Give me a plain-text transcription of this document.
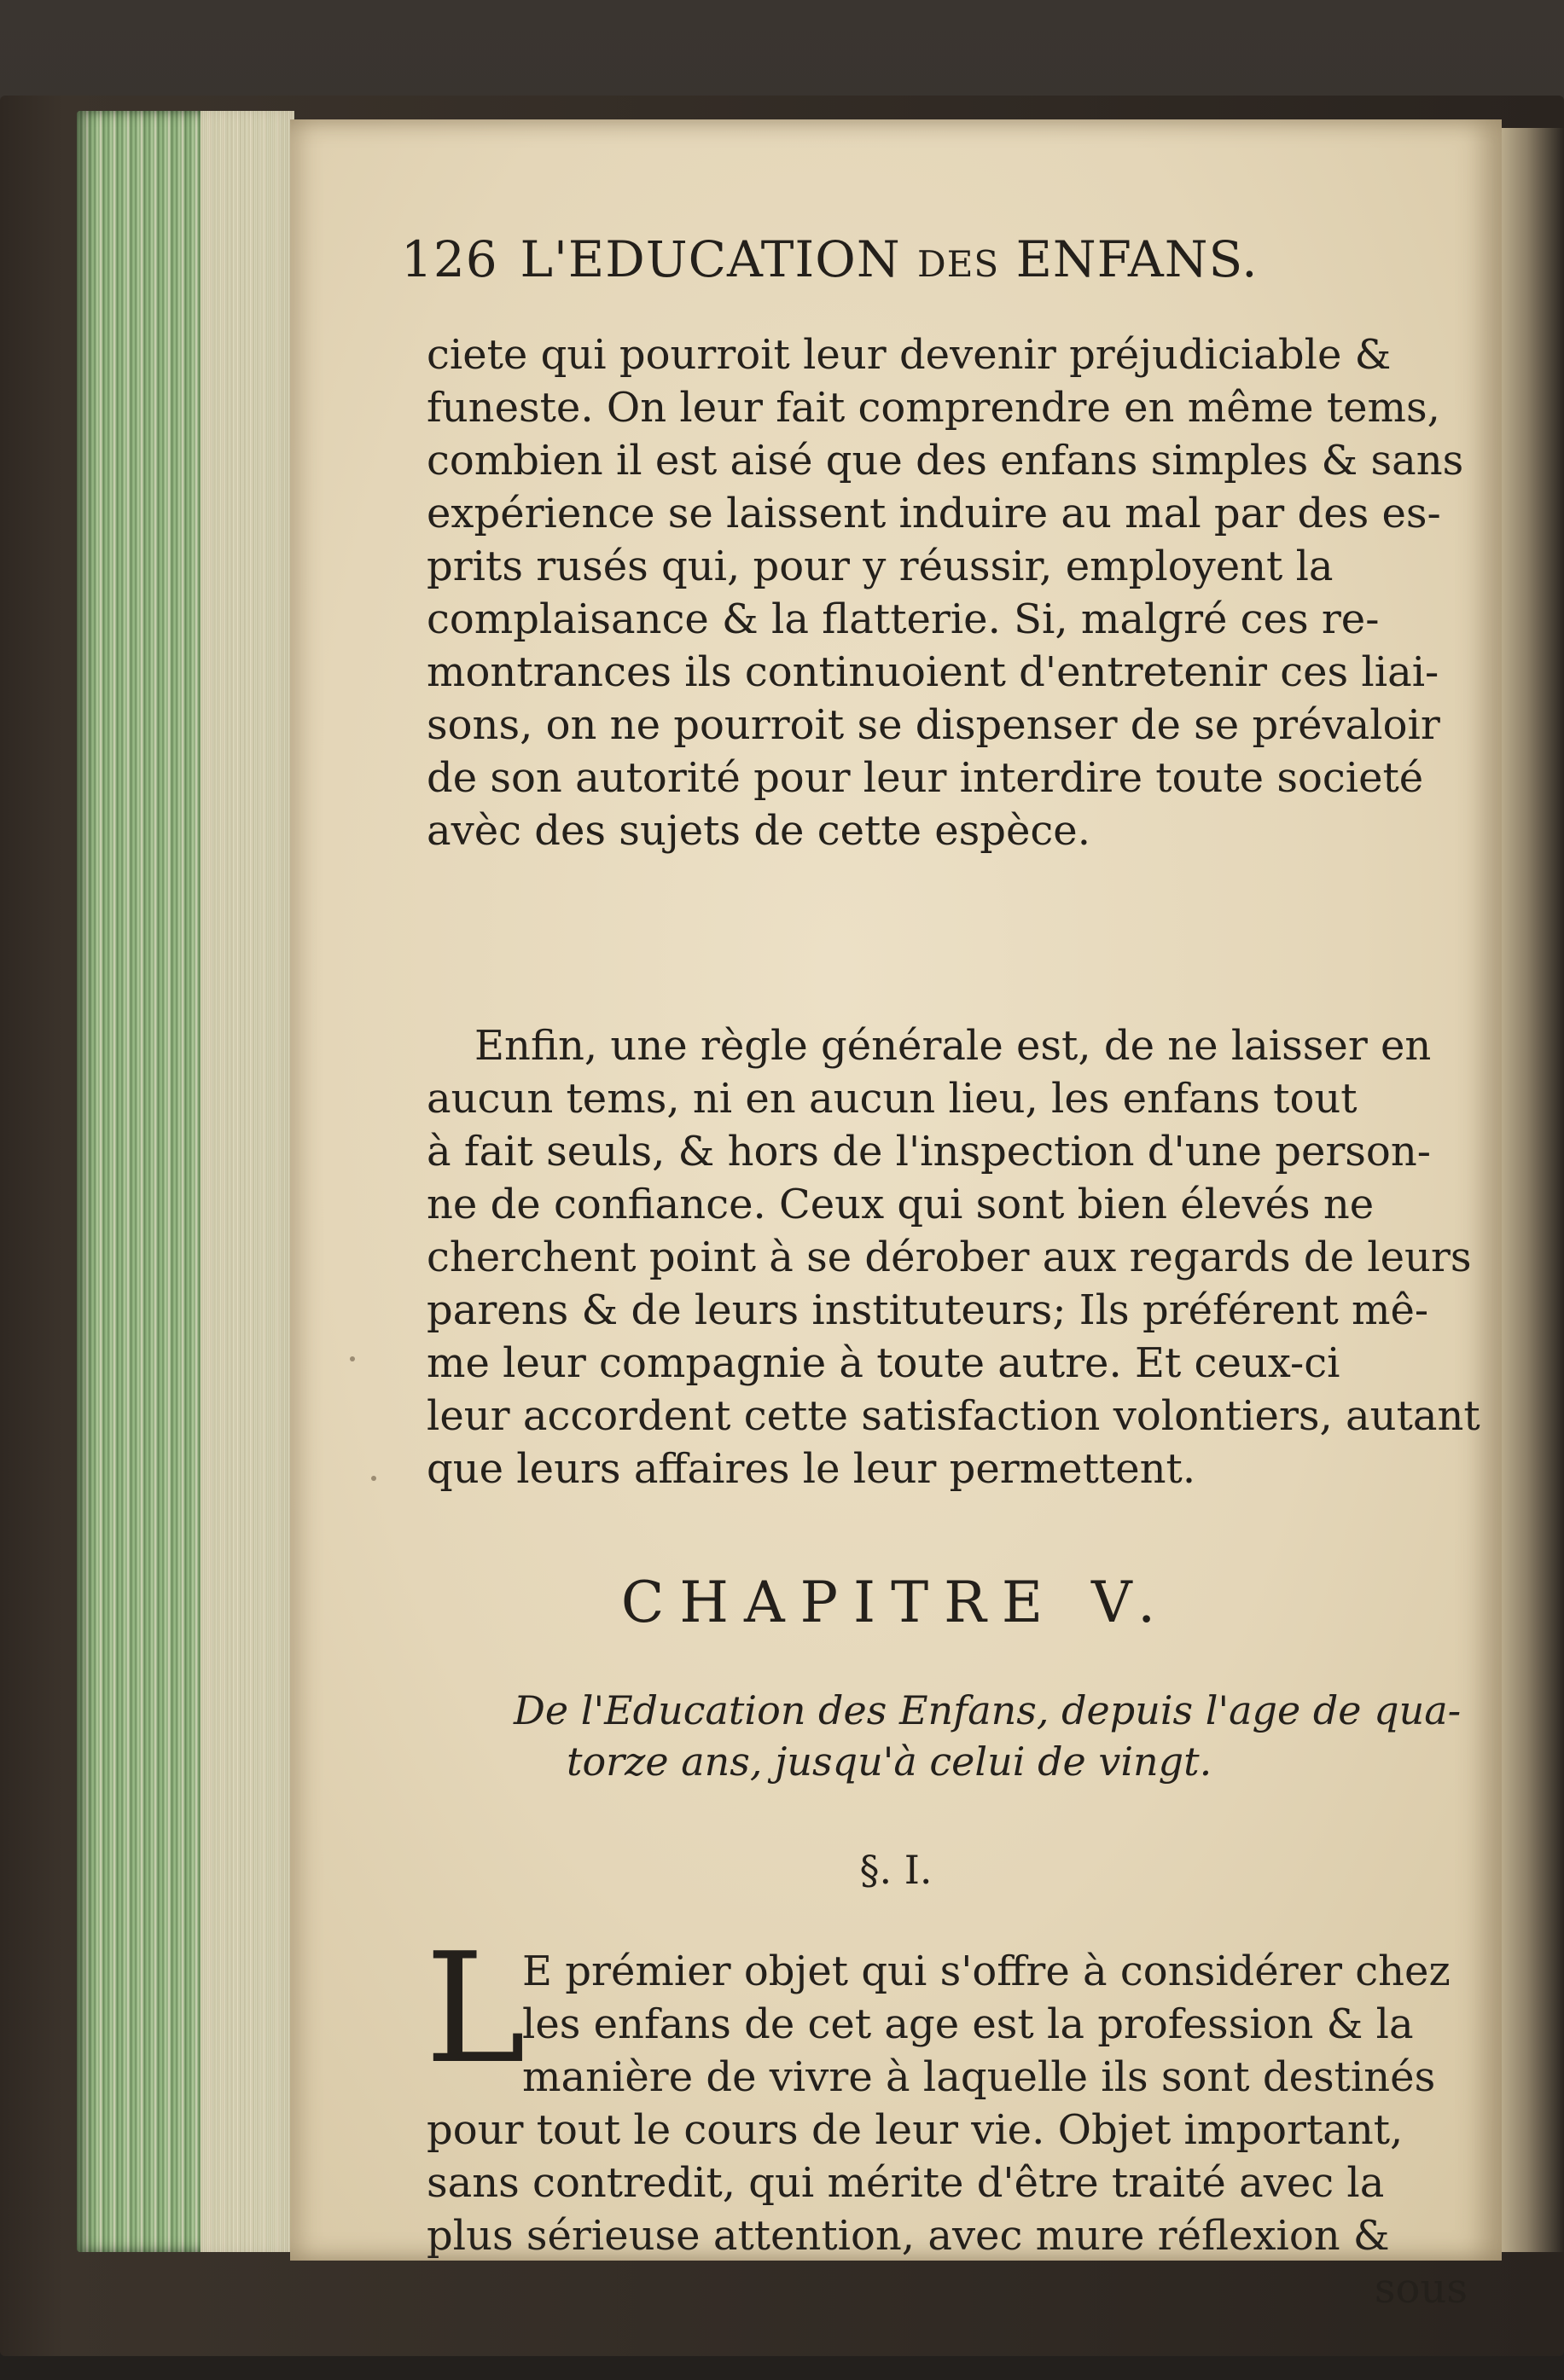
126 L'EDUCATION DES ENFANS.
ciete qui pourroit leur devenir préjudiciable &
funeste. On leur fait comprendre en même tems,
combien il est aisé que des enfans simples & sans
expérience se laissent induire au mal par des es-
prits rusés qui, pour y réussir, employent la
complaisance & la flatterie. Si, malgré ces re-
montrances ils continuoient d'entretenir ces liai-
sons, on ne pourroit se dispenser de se prévaloir
de son autorité pour leur interdire toute societé
avèc des sujets de cette espèce.
Enfin, une règle générale est, de ne laisser en
aucun tems, ni en aucun lieu, les enfans tout
à fait seuls, & hors de l'inspection d'une person-
ne de confiance. Ceux qui sont bien élevés ne
cherchent point à se dérober aux regards de leurs
parens & de leurs instituteurs; Ils préférent mê-
me leur compagnie à toute autre. Et ceux-ci
leur accordent cette satisfaction volontiers, autant
que leurs affaires le leur permettent.
CHAPITRE V.
De l'Education des Enfans, depuis l'age de qua-
torze ans, jusqu'à celui de vingt.
§. I.
L
E prémier objet qui s'offre à considérer chez
les enfans de cet age est la profession & la
manière de vivre à laquelle ils sont destinés
pour tout le cours de leur vie. Objet important,
sans contredit, qui mérite d'être traité avec la
plus sérieuse attention, avec mure réflexion &
sous
